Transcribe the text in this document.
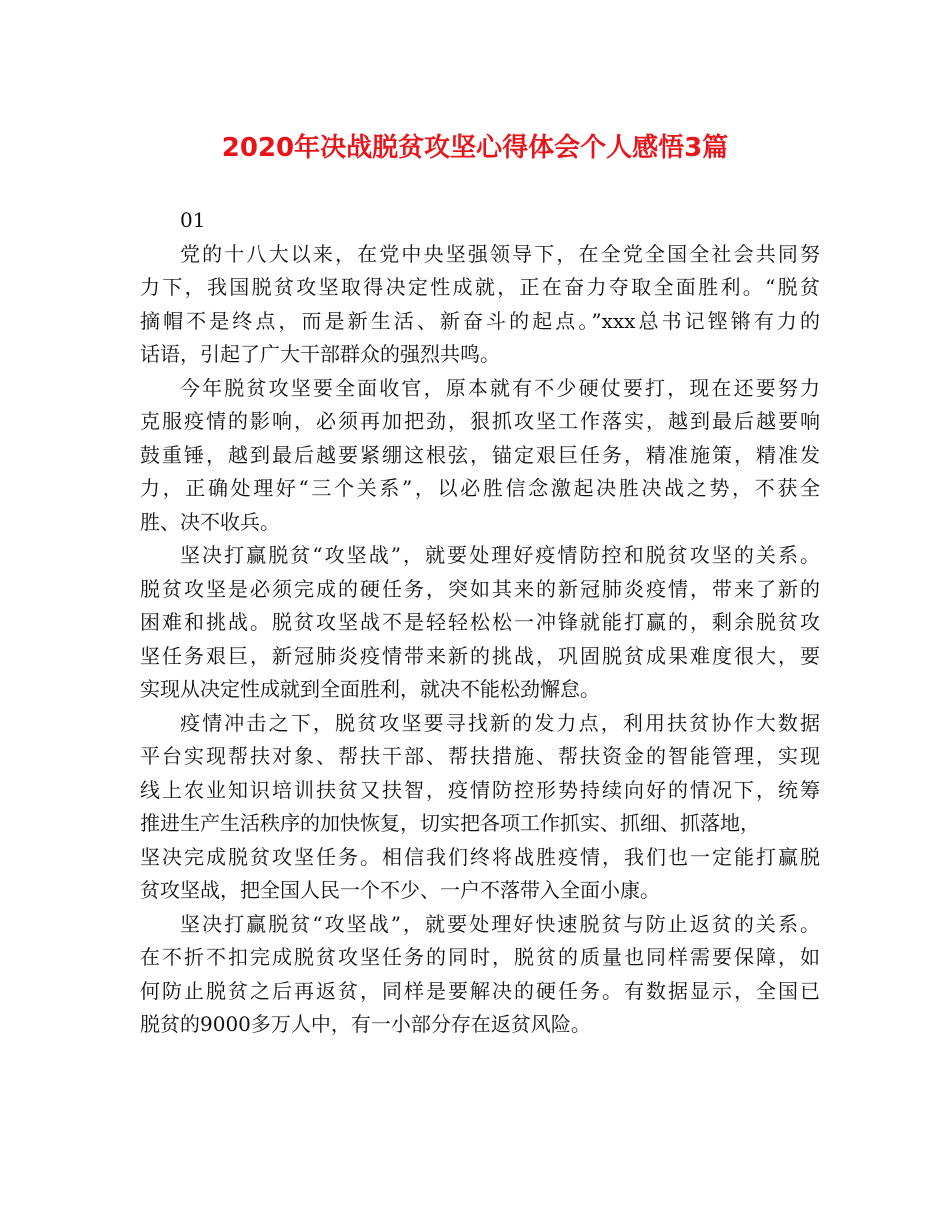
2020年决战脱贫攻坚心得体会个人感悟3篇

01

党的十八大以来，在党中央坚强领导下，在全党全国全社会共同努

力下，我国脱贫攻坚取得决定性成就，正在奋力夺取全面胜利。“脱贫

摘帽不是终点，而是新生活、新奋斗的起点。”xxx总书记铿锵有力的

话语，引起了广大干部群众的强烈共鸣。

今年脱贫攻坚要全面收官，原本就有不少硬仗要打，现在还要努力

克服疫情的影响，必须再加把劲，狠抓攻坚工作落实，越到最后越要响

鼓重锤，越到最后越要紧绷这根弦，锚定艰巨任务，精准施策，精准发

力，正确处理好“三个关系”，以必胜信念激起决胜决战之势，不获全

胜、决不收兵。

坚决打赢脱贫“攻坚战”，就要处理好疫情防控和脱贫攻坚的关系。

脱贫攻坚是必须完成的硬任务，突如其来的新冠肺炎疫情，带来了新的

困难和挑战。脱贫攻坚战不是轻轻松松一冲锋就能打赢的，剩余脱贫攻

坚任务艰巨，新冠肺炎疫情带来新的挑战，巩固脱贫成果难度很大，要

实现从决定性成就到全面胜利，就决不能松劲懈怠。

疫情冲击之下，脱贫攻坚要寻找新的发力点，利用扶贫协作大数据

平台实现帮扶对象、帮扶干部、帮扶措施、帮扶资金的智能管理，实现

线上农业知识培训扶贫又扶智，疫情防控形势持续向好的情况下，统筹

推进生产生活秩序的加快恢复，切实把各项工作抓实、抓细、抓落地，

坚决完成脱贫攻坚任务。相信我们终将战胜疫情，我们也一定能打赢脱

贫攻坚战，把全国人民一个不少、一户不落带入全面小康。

坚决打赢脱贫“攻坚战”，就要处理好快速脱贫与防止返贫的关系。

在不折不扣完成脱贫攻坚任务的同时，脱贫的质量也同样需要保障，如

何防止脱贫之后再返贫，同样是要解决的硬任务。有数据显示，全国已

脱贫的9000多万人中，有一小部分存在返贫风险。
